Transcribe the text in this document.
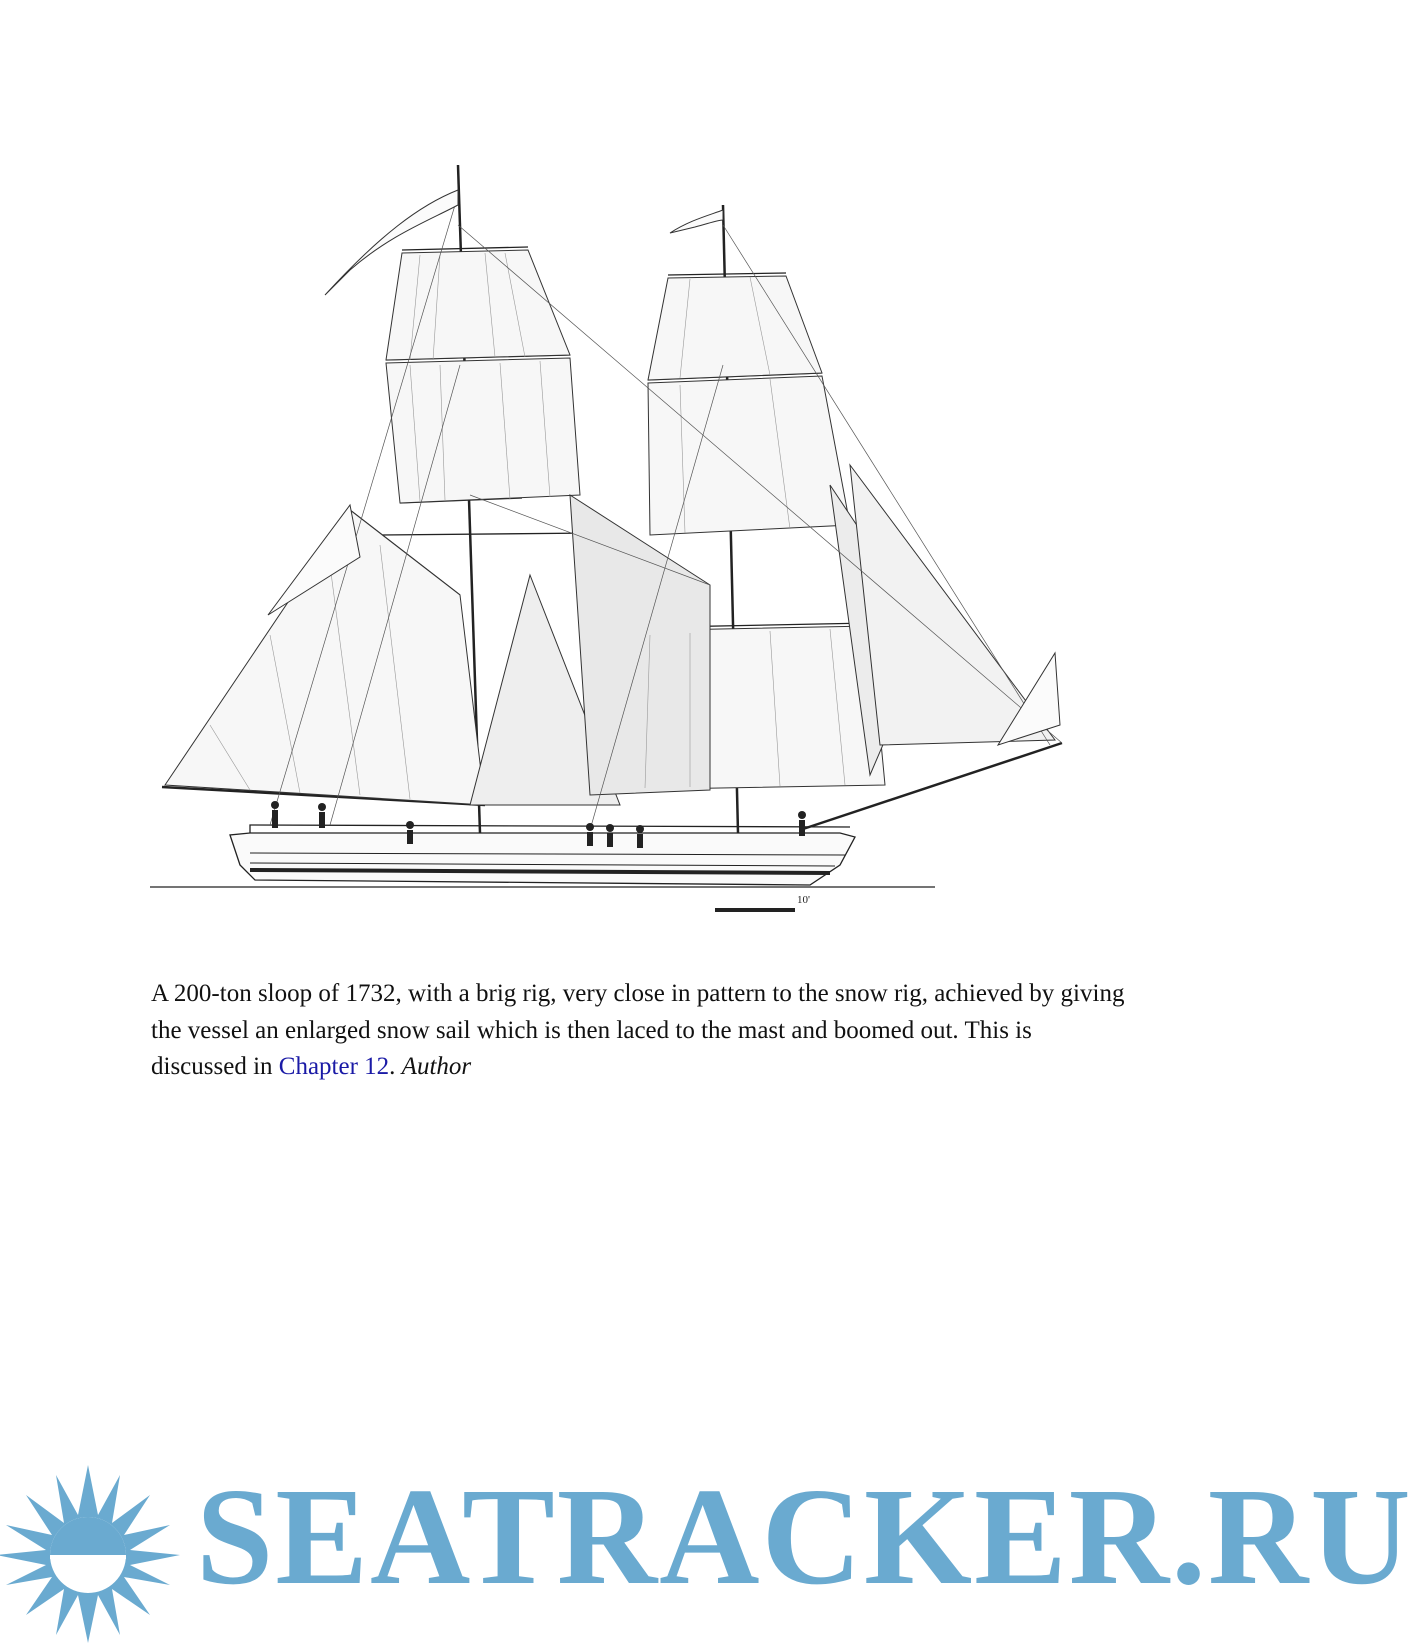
10'
A 200-ton sloop of 1732, with a brig rig, very close in pattern to the snow rig, achieved by giving the vessel an enlarged snow sail which is then laced to the mast and boomed out. This is discussed in Chapter 12. Author
SEATRACKER.RU
